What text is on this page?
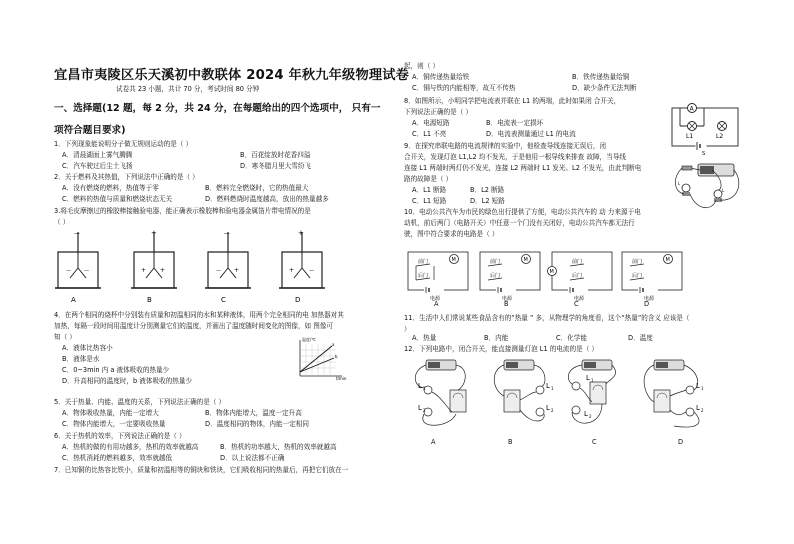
宜昌市夷陵区乐天溪初中教联体 2024 年秋九年级物理试卷
试卷共 23 小题，共计 70 分，考试时间 80 分钟
一、选择题(12 题，每 2 分，共 24 分，在每题给出的四个选项中， 只有一
项符合题目要求)
1．下列现象能说明分子做无规则运动的是（ ）
A．清晨湖面上雾气腾腾	B．百花绽放时花香四溢
C．汽车驶过后尘土飞扬	D．寒冬腊月里大雪纷飞
2．关于燃料及其热值，下列说法中正确的是（ ）
A．没有燃烧的燃料，热值等于零	B．燃料完全燃烧时，它的热值最大
C．燃料的热值与质量和燃烧状态无关	D．燃料燃烧时温度越高，放出的热量越多
3.将毛皮摩擦过的橡胶棒接触验电器，能正确表示橡胶棒和验电器金属箔片带电情况的是
（ ）
—	—
—
+ +
+
— +
—
+	—
+
A	B	C	D
4．在两个相同的烧杯中分别装有质量和初温相同的水和某种液体，用两个完全相同的电 加热器对其
加热，每隔一段时间用温度计分别测量它们的温度，并画出了温度随时间变化的图像，如 图像可
知（ ）
A．液体比热容小
B．液体是水
C．0~3min 内 a 液体吸收的热量少
D．升高相同的温度时，b 液体吸收的热量少
温度/℃
t/min
a
b
5．关于热量、内能、温度的关系，下列说法正确的是（ ）
A．物体吸收热量，内能一定增大	B．物体内能增大，温度一定升高
C．物体内能增大，一定要吸收热量	D．温度相同的物体，内能一定相同
6．关于热机的效率，下列说法正确的是（ ）
A．热机的做的有用功越多，热机的效率就越高	B．热机的功率越大，热机的效率就越高
C．热机消耗的燃料越多，效率就越低	D．以上说法都不正确
7．已知铜的比热容比铁小，质量和初温相等的铜块和铁块，它们吸收相同的热量后，再把它们放在一
起，则（ ）
A．铜传递热量给铁	B．铁传递热量给铜
C．铜与铁的内能相等，故互不传热	D．缺少条件无法判断
8．如图所示，小明同学把电流表并联在 L1 的两端，此时如果闭 合开关，
下列说法正确的是（ ）
A．电源短路	B．电流表一定损坏
C．L1 不亮	D．电流表测量通过 L1 的电流
A
L1	L2
S
9．在探究串联电路的电流规律的实验中，他检查导线连接无误后，闭
合开关，发现灯泡 L1,L2 均不发光，于是他用一根导线来排查 故障，当导线
连接 L1 两端时两灯仍不发光，连接 L2 两端时 L1 发光、L2 不发光，由此判断电
路的故障是（ ）
A．L1 断路	B．L2 断路
C．L1 短路	D．L2 短路
L
L
10．电动公共汽车为市民的绿色出行提供了方便，电动公共汽车的 动 力来源于电
动机，前后两门（电路开关）中任意一个门没有关闭好，电动公共汽车都无法行
驶，图中符合要求的电路是（ ）
电源
前门
后门
M
电源
前门
后门
M
电源
前门
后门
M
电源
前门
后门
M
A	B	C	D
11．生活中人们常说某些食品含有的“热量 ” 多，从物理学的角度看，这个“热量”的含义 应该是（
）
A．热量	B．内能	C．化学能	D．温度
12．下列电路中，闭合开关，能直接测量灯泡 L1 的电流的是（ ）
L 1
L 2
L 1
L 2
L 1
L 2
L 1
L 2
A	B	C	D
